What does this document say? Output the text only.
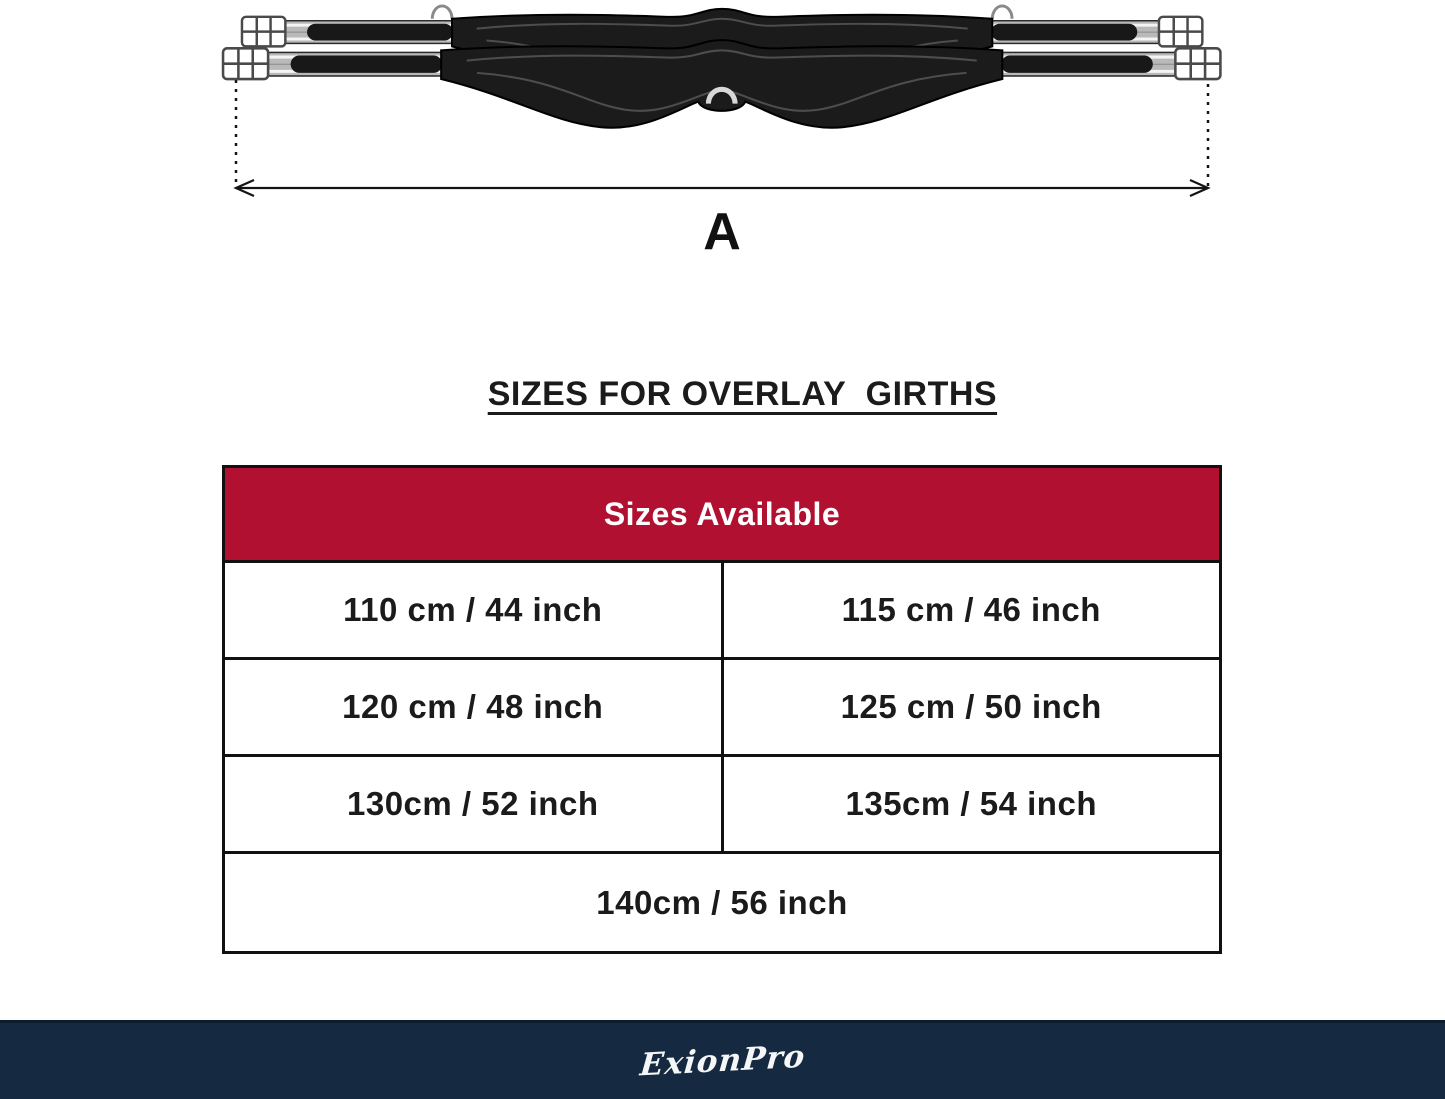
A

SIZES FOR OVERLAY  GIRTHS

Sizes Available
110 cm / 44 inch	115 cm / 46 inch
120 cm / 48 inch	125 cm / 50 inch
130cm / 52 inch	135cm / 54 inch
140cm / 56 inch
ExionPro
